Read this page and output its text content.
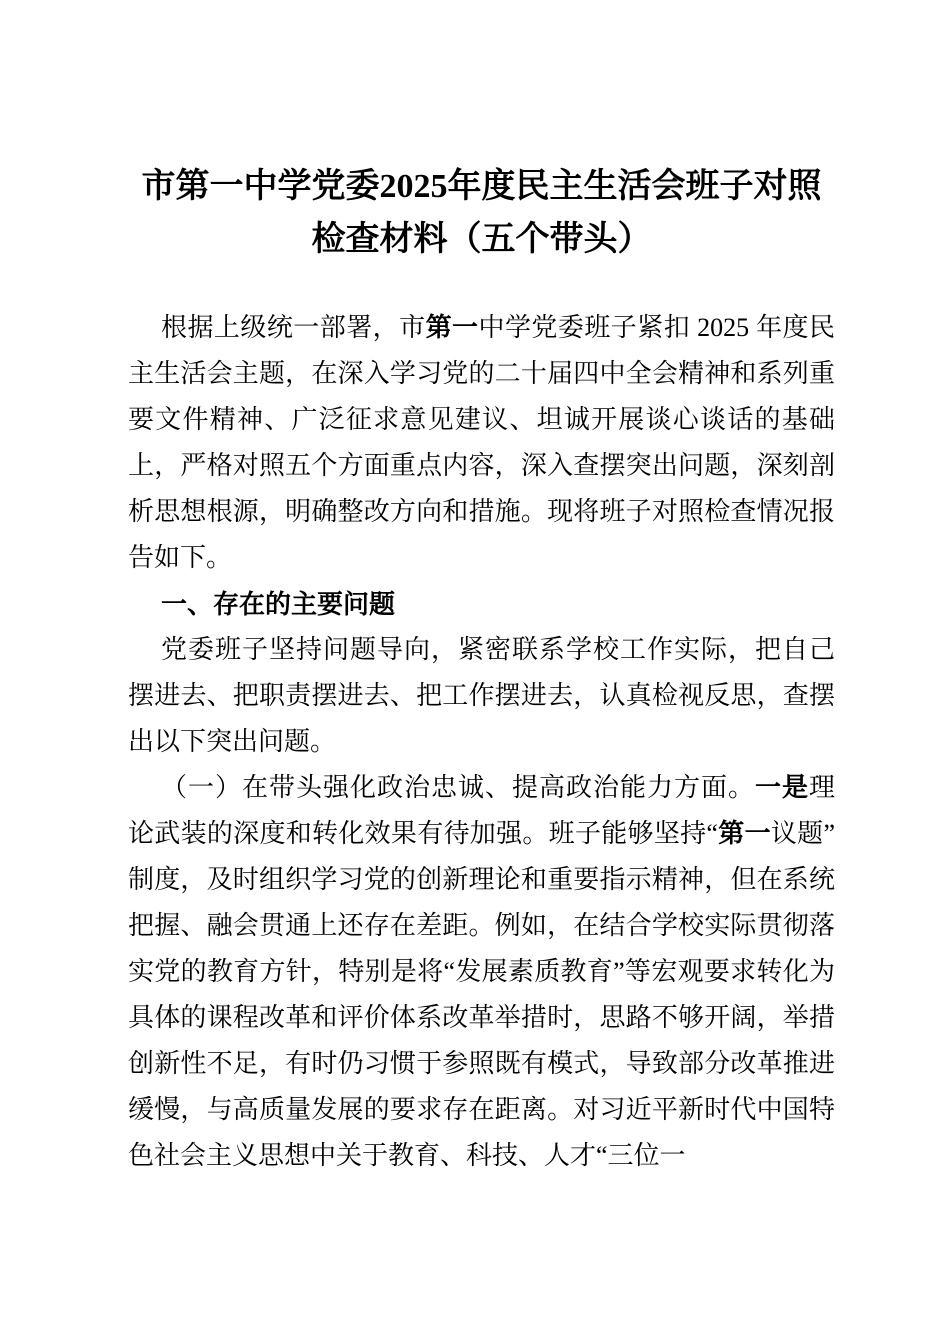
市第一中学党委2025年度民主生活会班子对照检查材料（五个带头）

根据上级统一部署，市第一中学党委班子紧扣 2025 年度民主生活会主题，在深入学习党的二十届四中全会精神和系列重要文件精神、广泛征求意见建议、坦诚开展谈心谈话的基础上，严格对照五个方面重点内容，深入查摆突出问题，深刻剖析思想根源，明确整改方向和措施。现将班子对照检查情况报告如下。

一、存在的主要问题

党委班子坚持问题导向，紧密联系学校工作实际，把自己摆进去、把职责摆进去、把工作摆进去，认真检视反思，查摆出以下突出问题。

（一）在带头强化政治忠诚、提高政治能力方面。一是理论武装的深度和转化效果有待加强。班子能够坚持“第一议题”制度，及时组织学习党的创新理论和重要指示精神，但在系统把握、融会贯通上还存在差距。例如，在结合学校实际贯彻落实党的教育方针，特别是将“发展素质教育”等宏观要求转化为具体的课程改革和评价体系改革举措时，思路不够开阔，举措创新性不足，有时仍习惯于参照既有模式，导致部分改革推进缓慢，与高质量发展的要求存在距离。对习近平新时代中国特色社会主义思想中关于教育、科技、人才“三位一
